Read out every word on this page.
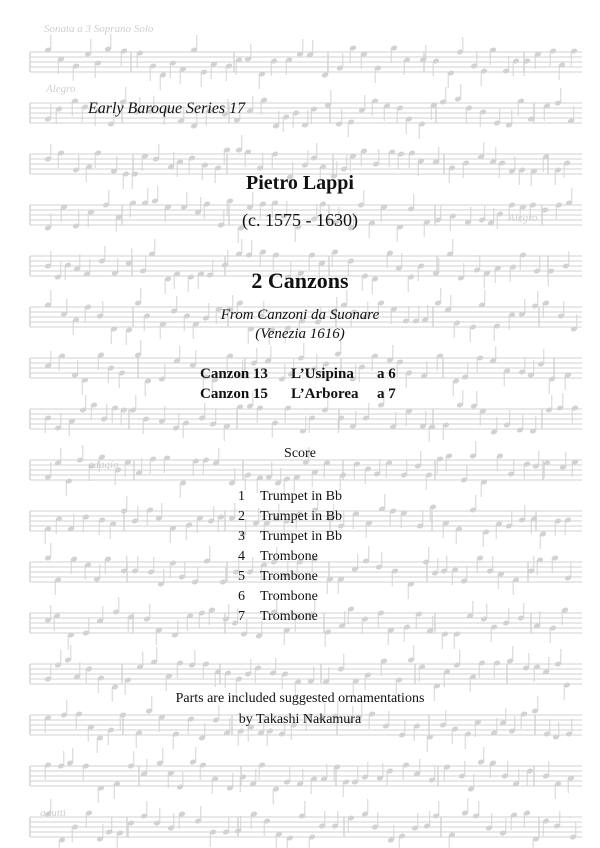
Sonata a 3 Soprano Solo
Alegro
Alegro
adagio
a tutti
Early Baroque Series 17
Pietro Lappi
(c. 1575 - 1630)
2 Canzons
From Canzoni da Suonare
(Venezia 1616)
Canzon 13	L’Usipina	a 6
Canzon 15	L’Arborea	a 7
Score
1	Trumpet in Bb
2	Trumpet in Bb
3	Trumpet in Bb
4	Trombone
5	Trombone
6	Trombone
7	Trombone
Parts are included suggested ornamentations
by Takashi Nakamura
